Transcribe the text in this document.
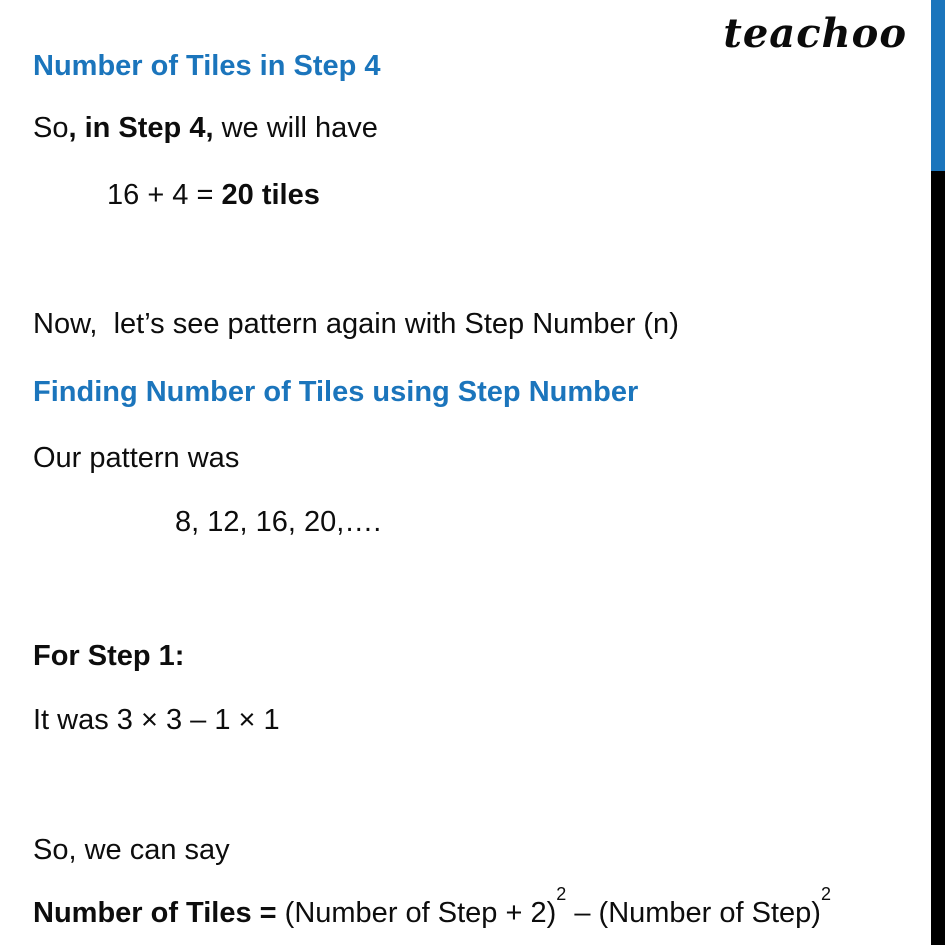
teachoo
Number of Tiles in Step 4
So, in Step 4, we will have
16 + 4 = 20 tiles
Now,  let’s see pattern again with Step Number (n)
Finding Number of Tiles using Step Number
Our pattern was
8, 12, 16, 20,….
For Step 1:
It was 3 × 3 – 1 × 1
So, we can say
Number of Tiles = (Number of Step + 2)$^2$ – (Number of Step)$^2$
